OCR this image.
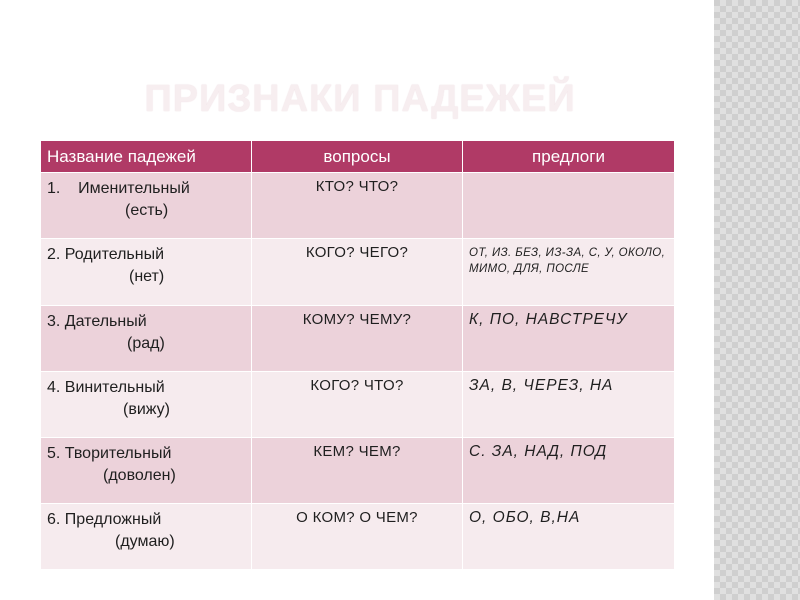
ПРИЗНАКИ ПАДЕЖЕЙ
Название падежей	вопросы	предлоги

1.    Именительный
(есть)	КТО? ЧТО?	

2. Родительный
(нет)	КОГО? ЧЕГО?	ОТ, ИЗ. БЕЗ, ИЗ-ЗА, С, У, ОКОЛО, МИМО, ДЛЯ, ПОСЛЕ

3. Дательный
(рад)	КОМУ? ЧЕМУ?	К, ПО, НАВСТРЕЧУ

4. Винительный
(вижу)	КОГО? ЧТО?	ЗА, В, ЧЕРЕЗ, НА

5. Творительный
(доволен)	КЕМ? ЧЕМ?	С. ЗА, НАД, ПОД

6. Предложный
(думаю)	О КОМ? О ЧЕМ?	О, ОБО, В,НА
